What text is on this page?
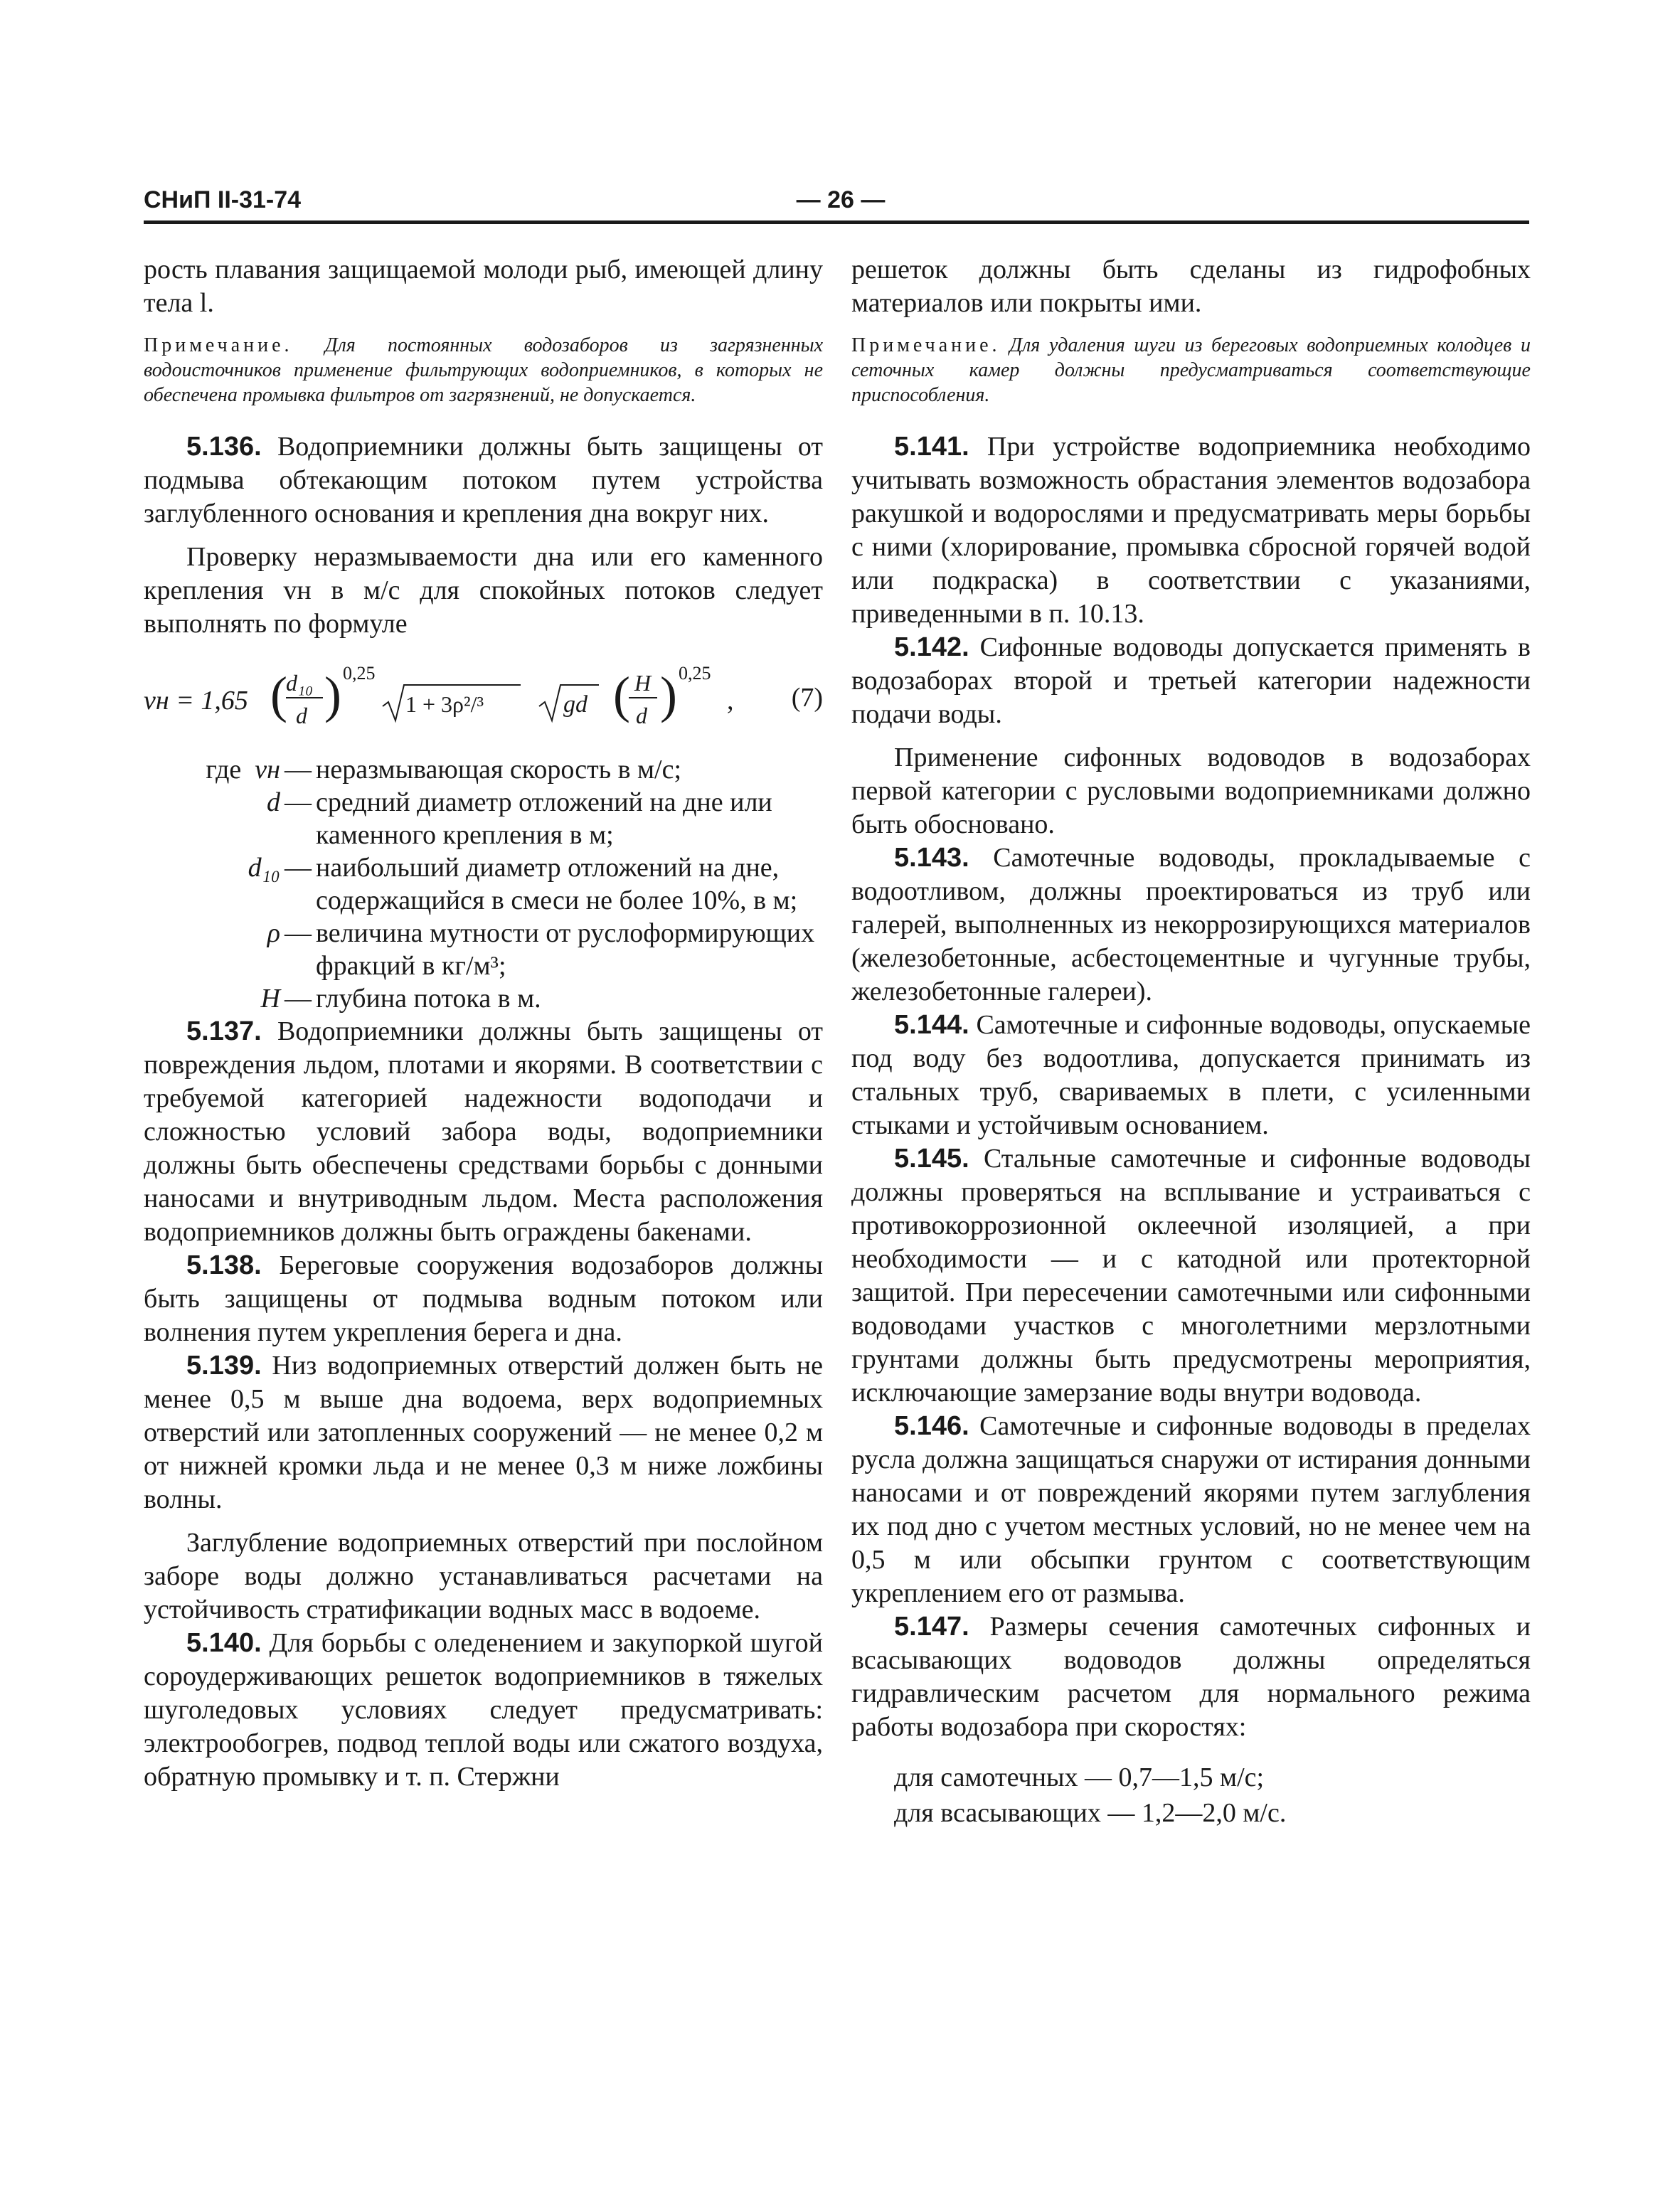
СНиП II-31-74	— 26 —

рость плавания защищаемой молоди рыб, имеющей длину тела l.

Примечание. Для постоянных водозаборов из загрязненных водоисточников применение фильтрующих водоприемников, в которых не обеспечена промывка фильтров от загрязнений, не допускается.

5.136. Водоприемники должны быть защищены от подмыва обтекающим потоком путем устройства заглубленного основания и крепления дна вокруг них.

Проверку неразмываемости дна или его каменного крепления vн в м/с для спокойных потоков следует выполнять по формуле

vн = 1,65 (
d₁₀
d ) 0,25
1 + 3ρ²/³	gd ( H
d ) 0,25
, (7)
где vн — неразмывающая скорость в м/с;
d — средний диаметр отложений на дне или каменного крепления в м;
d₁₀ — наибольший диаметр отложений на дне, содержащийся в смеси не более 10%, в м;
ρ — величина мутности от руслоформирующих фракций в кг/м³;
H — глубина потока в м.

5.137. Водоприемники должны быть защищены от повреждения льдом, плотами и якорями. В соответствии с требуемой категорией надежности водоподачи и сложностью условий забора воды, водоприемники должны быть обеспечены средствами борьбы с донными наносами и внутриводным льдом. Места расположения водоприемников должны быть ограждены бакенами.

5.138. Береговые сооружения водозаборов должны быть защищены от подмыва водным потоком или волнения путем укрепления берега и дна.

5.139. Низ водоприемных отверстий должен быть не менее 0,5 м выше дна водоема, верх водоприемных отверстий или затопленных сооружений — не менее 0,2 м от нижней кромки льда и не менее 0,3 м ниже ложбины волны.

Заглубление водоприемных отверстий при послойном заборе воды должно устанавливаться расчетами на устойчивость стратификации водных масс в водоеме.

5.140. Для борьбы с оледенением и закупоркой шугой сороудерживающих решеток водоприемников в тяжелых шуголедовых условиях следует предусматривать: электрообогрев, подвод теплой воды или сжатого воздуха, обратную промывку и т. п. Стержни

решеток должны быть сделаны из гидрофобных материалов или покрыты ими.

Примечание. Для удаления шуги из береговых водоприемных колодцев и сеточных камер должны предусматриваться соответствующие приспособления.

5.141. При устройстве водоприемника необходимо учитывать возможность обрастания элементов водозабора ракушкой и водорослями и предусматривать меры борьбы с ними (хлорирование, промывка сбросной горячей водой или подкраска) в соответствии с указаниями, приведенными в п. 10.13.

5.142. Сифонные водоводы допускается применять в водозаборах второй и третьей категории надежности подачи воды.

Применение сифонных водоводов в водозаборах первой категории с русловыми водоприемниками должно быть обосновано.

5.143. Самотечные водоводы, прокладываемые с водоотливом, должны проектироваться из труб или галерей, выполненных из некоррозирующихся материалов (железобетонные, асбестоцементные и чугунные трубы, железобетонные галереи).

5.144. Самотечные и сифонные водоводы, опускаемые под воду без водоотлива, допускается принимать из стальных труб, свариваемых в плети, с усиленными стыками и устойчивым основанием.

5.145. Стальные самотечные и сифонные водоводы должны проверяться на всплывание и устраиваться с противокоррозионной оклеечной изоляцией, а при необходимости — и с катодной или протекторной защитой. При пересечении самотечными или сифонными водоводами участков с многолетними мерзлотными грунтами должны быть предусмотрены мероприятия, исключающие замерзание воды внутри водовода.

5.146. Самотечные и сифонные водоводы в пределах русла должна защищаться снаружи от истирания донными наносами и от повреждений якорями путем заглубления их под дно с учетом местных условий, но не менее чем на 0,5 м или обсыпки грунтом с соответствующим укреплением его от размыва.

5.147. Размеры сечения самотечных сифонных и всасывающих водоводов должны определяться гидравлическим расчетом для нормального режима работы водозабора при скоростях:

для самотечных — 0,7—1,5 м/с;
для всасывающих — 1,2—2,0 м/с.
